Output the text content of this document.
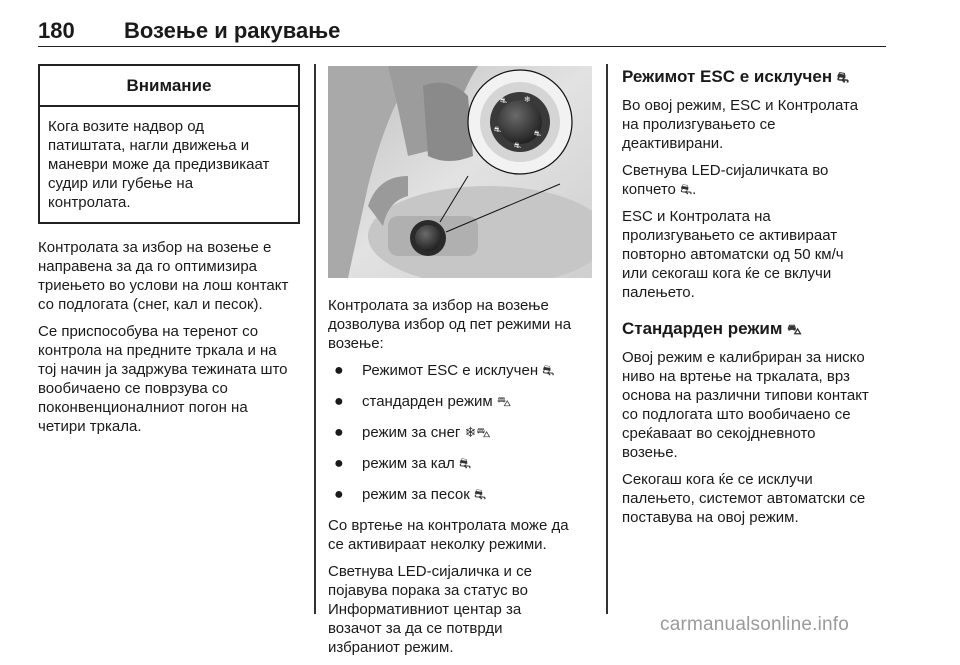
180 Возење и ракување
Внимание
Кога возите надвор од
патиштата, нагли движења и
маневри може да предизвикаат
судир или губење на
контролата.

Контролата за избор на возење е
направена за да го оптимизира
триењето во услови на лош контакт
со подлогата (снег, кал и песок).

Се приспособува на теренот со
контрола на предните тркала и на
тој начин ја задржува тежината што
вообичаено се поврзува со
поконвенционалниот погон на
четири тркала.

⛐ ❄
⛐	⛐
⛐

Контролата за избор на возење
дозволува избор од пет режими на
возење:

● Режимот ESC е исклучен ⛐
● стандарден режим ⛍
● режим за снег ❄⛍
● режим за кал ⛐
● режим за песок ⛐

Со вртење на контролата може да
се активираат неколку режими.

Светнува LED-сијаличка и се
појавува порака за статус во
Информативниот центар за
возачот за да се потврди
избраниот режим.

Режимот ESC е исклучен ⛐

Во овој режим, ESC и Контролата
на пролизгувањето се
деактивирани.

Светнува LED-сијаличката во
копчето ⛐.

ESC и Контролата на
пролизгувањето се активираат
повторно автоматски од 50 км/ч
или секогаш кога ќе се вклучи
палењето.

Стандарден режим ⛍

Овој режим е калибриран за ниско
ниво на вртење на тркалата, врз
основа на различни типови контакт
со подлогата што вообичаено се
среќаваат во секојдневното
возење.

Секогаш кога ќе се исклучи
палењето, системот автоматски се
поставува на овој режим.

carmanualsonline.info
